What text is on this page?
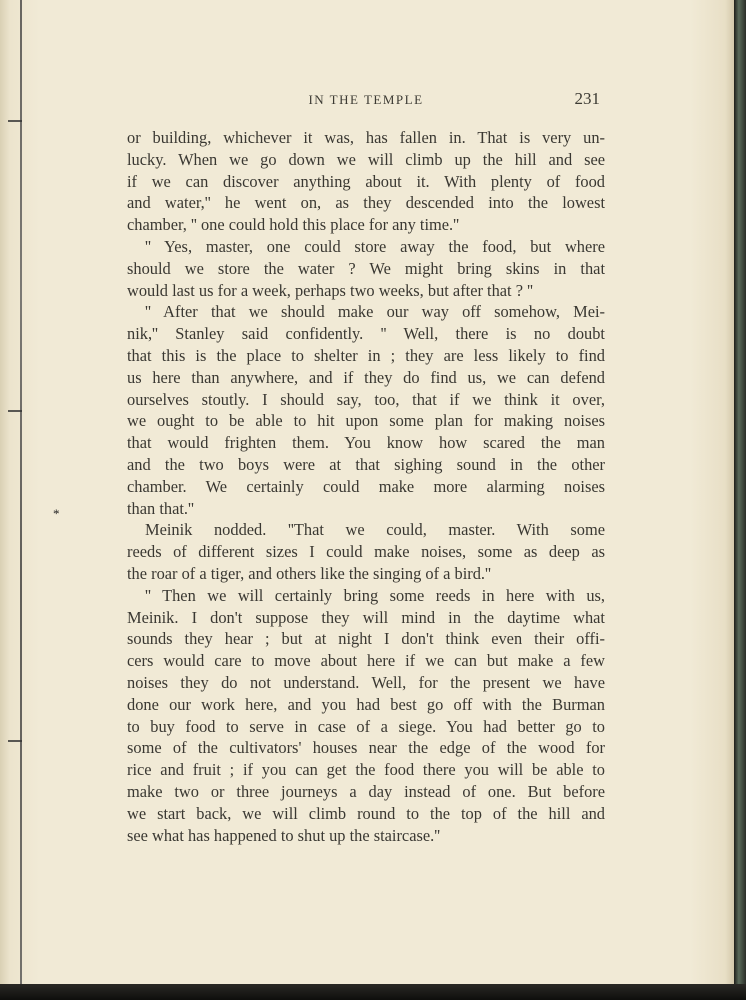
IN THE TEMPLE	231
*
or building, whichever it was, has fallen in. That is very un-
lucky. When we go down we will climb up the hill and see
if we can discover anything about it. With plenty of food
and water,'' he went on, as they descended into the lowest
chamber, '' one could hold this place for any time.''
'' Yes, master, one could store away the food, but where
should we store the water ? We might bring skins in that
would last us for a week, perhaps two weeks, but after that ? ''
'' After that we should make our way off somehow, Mei-
nik,'' Stanley said confidently. '' Well, there is no doubt
that this is the place to shelter in ; they are less likely to find
us here than anywhere, and if they do find us, we can defend
ourselves stoutly. I should say, too, that if we think it over,
we ought to be able to hit upon some plan for making noises
that would frighten them. You know how scared the man
and the two boys were at that sighing sound in the other
chamber. We certainly could make more alarming noises
than that.''
Meinik nodded. ''That we could, master. With some
reeds of different sizes I could make noises, some as deep as
the roar of a tiger, and others like the singing of a bird.''
'' Then we will certainly bring some reeds in here with us,
Meinik. I don't suppose they will mind in the daytime what
sounds they hear ; but at night I don't think even their offi-
cers would care to move about here if we can but make a few
noises they do not understand. Well, for the present we have
done our work here, and you had best go off with the Burman
to buy food to serve in case of a siege. You had better go to
some of the cultivators' houses near the edge of the wood for
rice and fruit ; if you can get the food there you will be able to
make two or three journeys a day instead of one. But before
we start back, we will climb round to the top of the hill and
see what has happened to shut up the staircase.''
